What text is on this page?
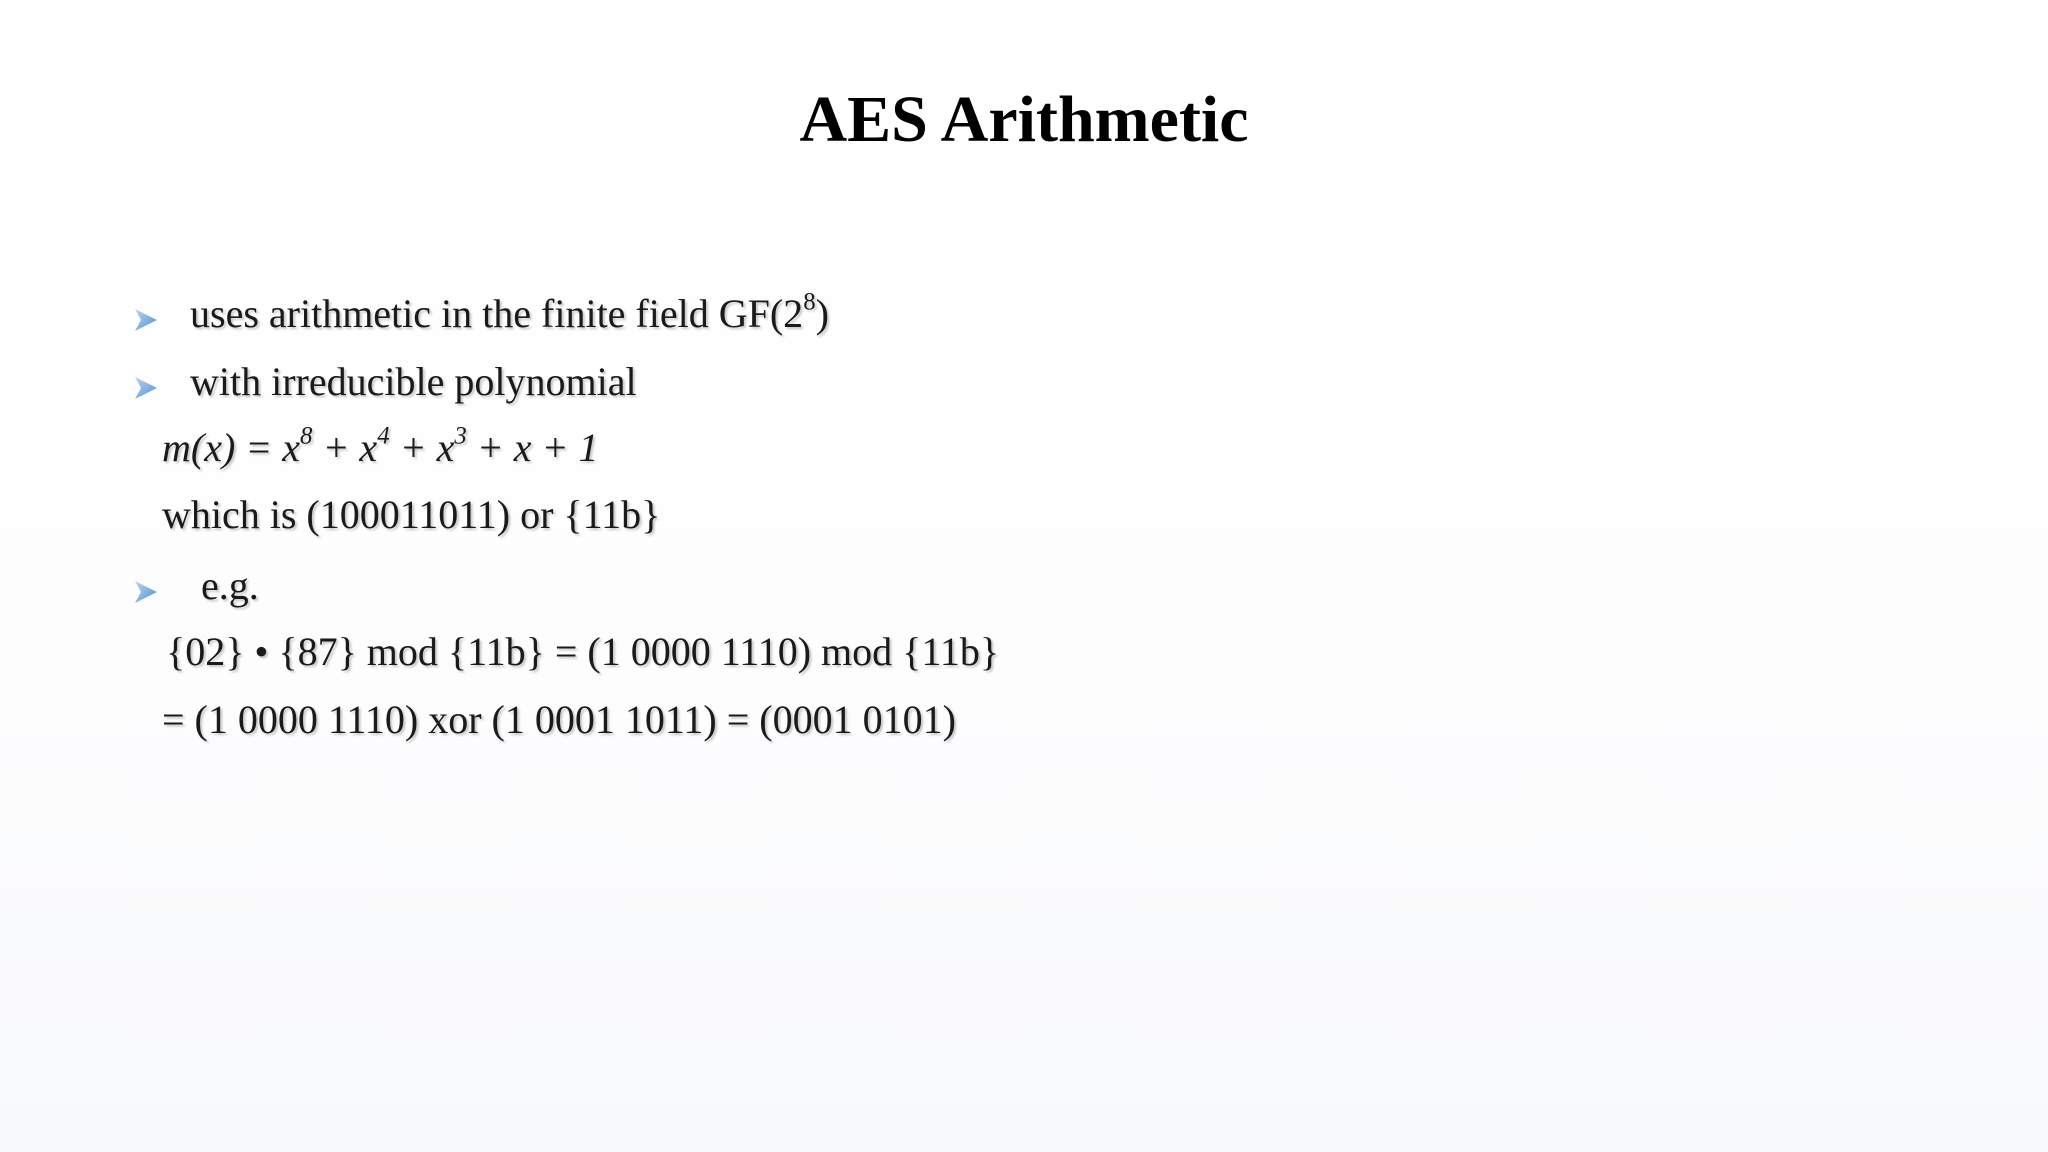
AES Arithmetic
uses arithmetic in the finite field $GF(2^8)$
with irreducible polynomial
$m(x) = x^8 + x^4 + x^3 + x + 1$
which is (100011011) or {11b}
e.g.
{02} • {87} mod {11b} = (1 0000 1110) mod {11b}
= (1 0000 1110) xor (1 0001 1011) = (0001 0101)
